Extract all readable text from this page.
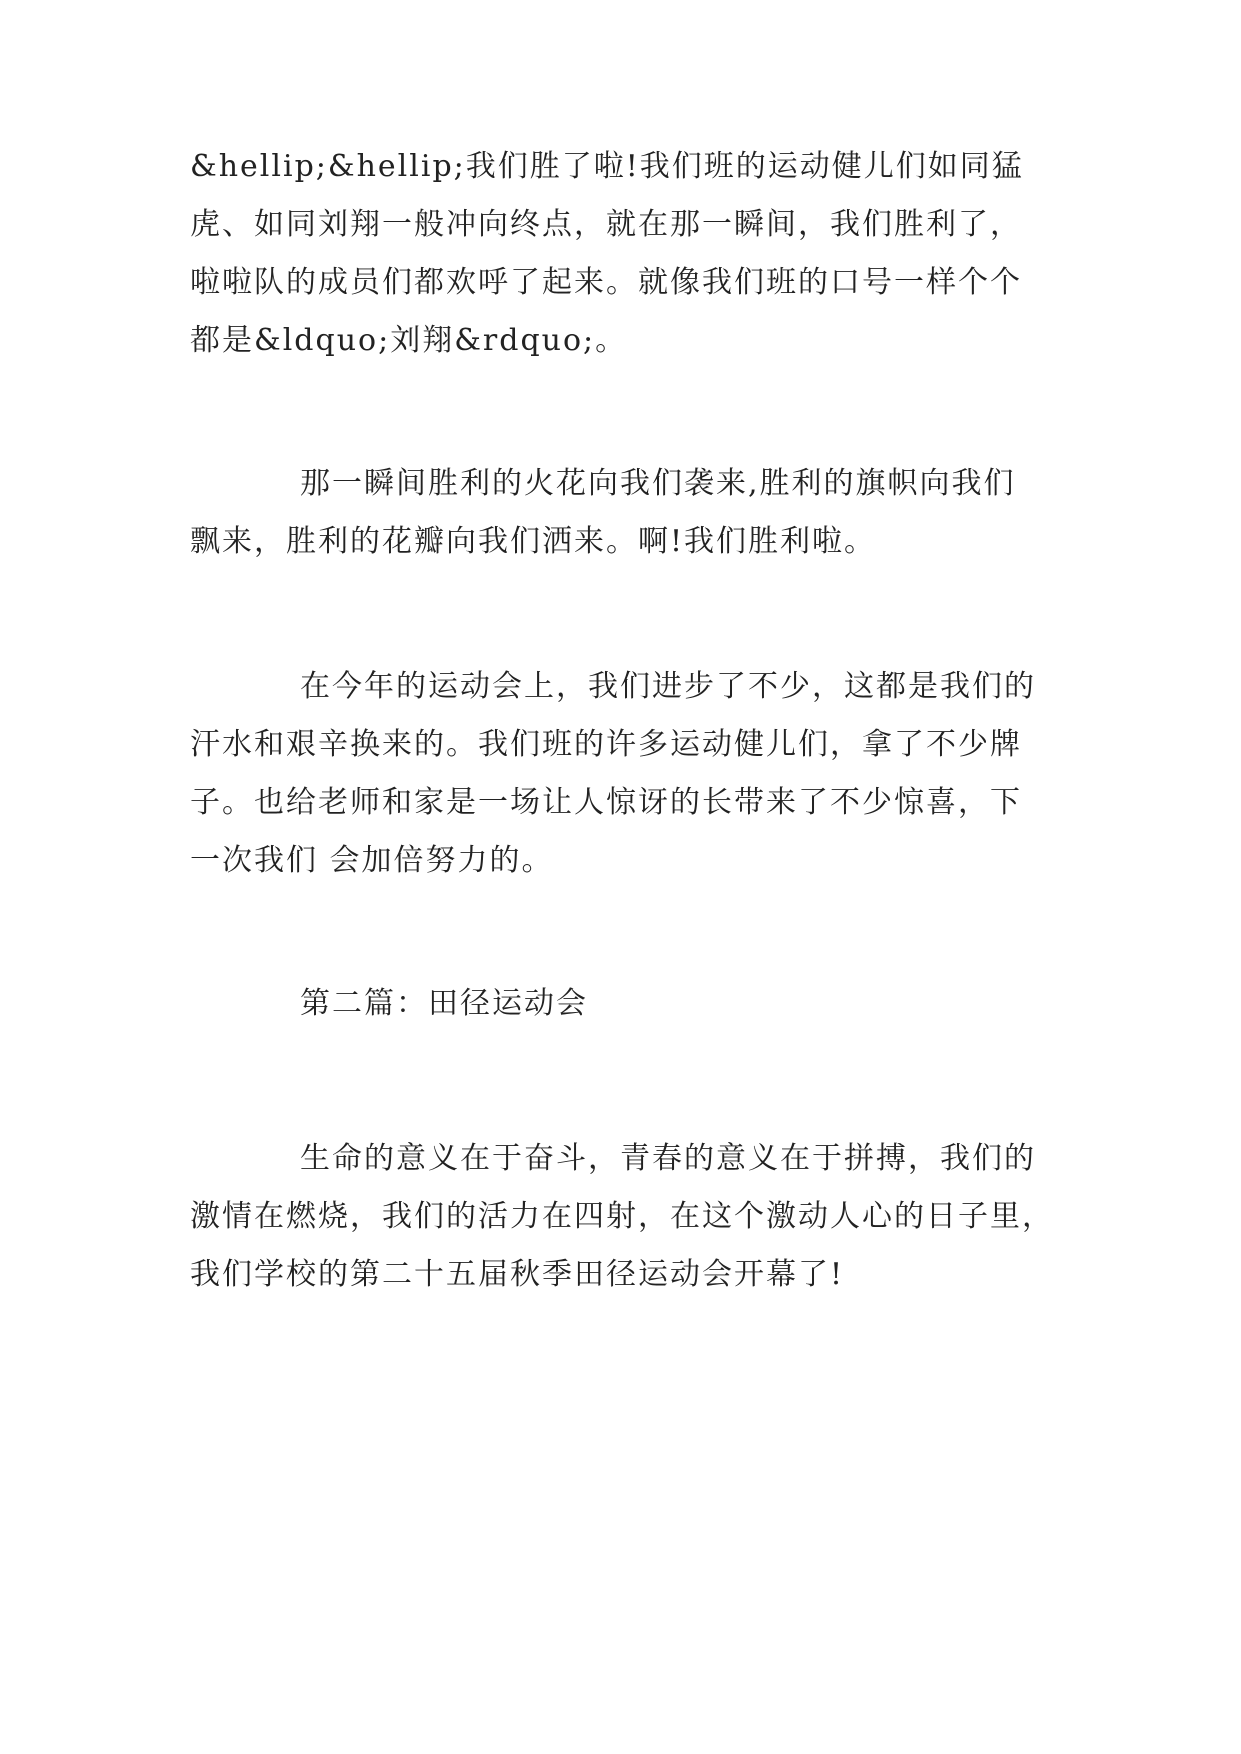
&hellip;&hellip;我们胜了啦!我们班的运动健儿们如同猛
虎、如同刘翔一般冲向终点，就在那一瞬间，我们胜利了，
啦啦队的成员们都欢呼了起来。就像我们班的口号一样个个
都是&ldquo;刘翔&rdquo;。
那一瞬间胜利的火花向我们袭来,胜利的旗帜向我们
飘来，胜利的花瓣向我们洒来。啊!我们胜利啦。
在今年的运动会上，我们进步了不少，这都是我们的
汗水和艰辛换来的。我们班的许多运动健儿们，拿了不少牌
子。也给老师和家是一场让人惊讶的长带来了不少惊喜，下
一次我们 会加倍努力的。
第二篇：田径运动会
生命的意义在于奋斗，青春的意义在于拼搏，我们的
激情在燃烧，我们的活力在四射，在这个激动人心的日子里，
我们学校的第二十五届秋季田径运动会开幕了!
